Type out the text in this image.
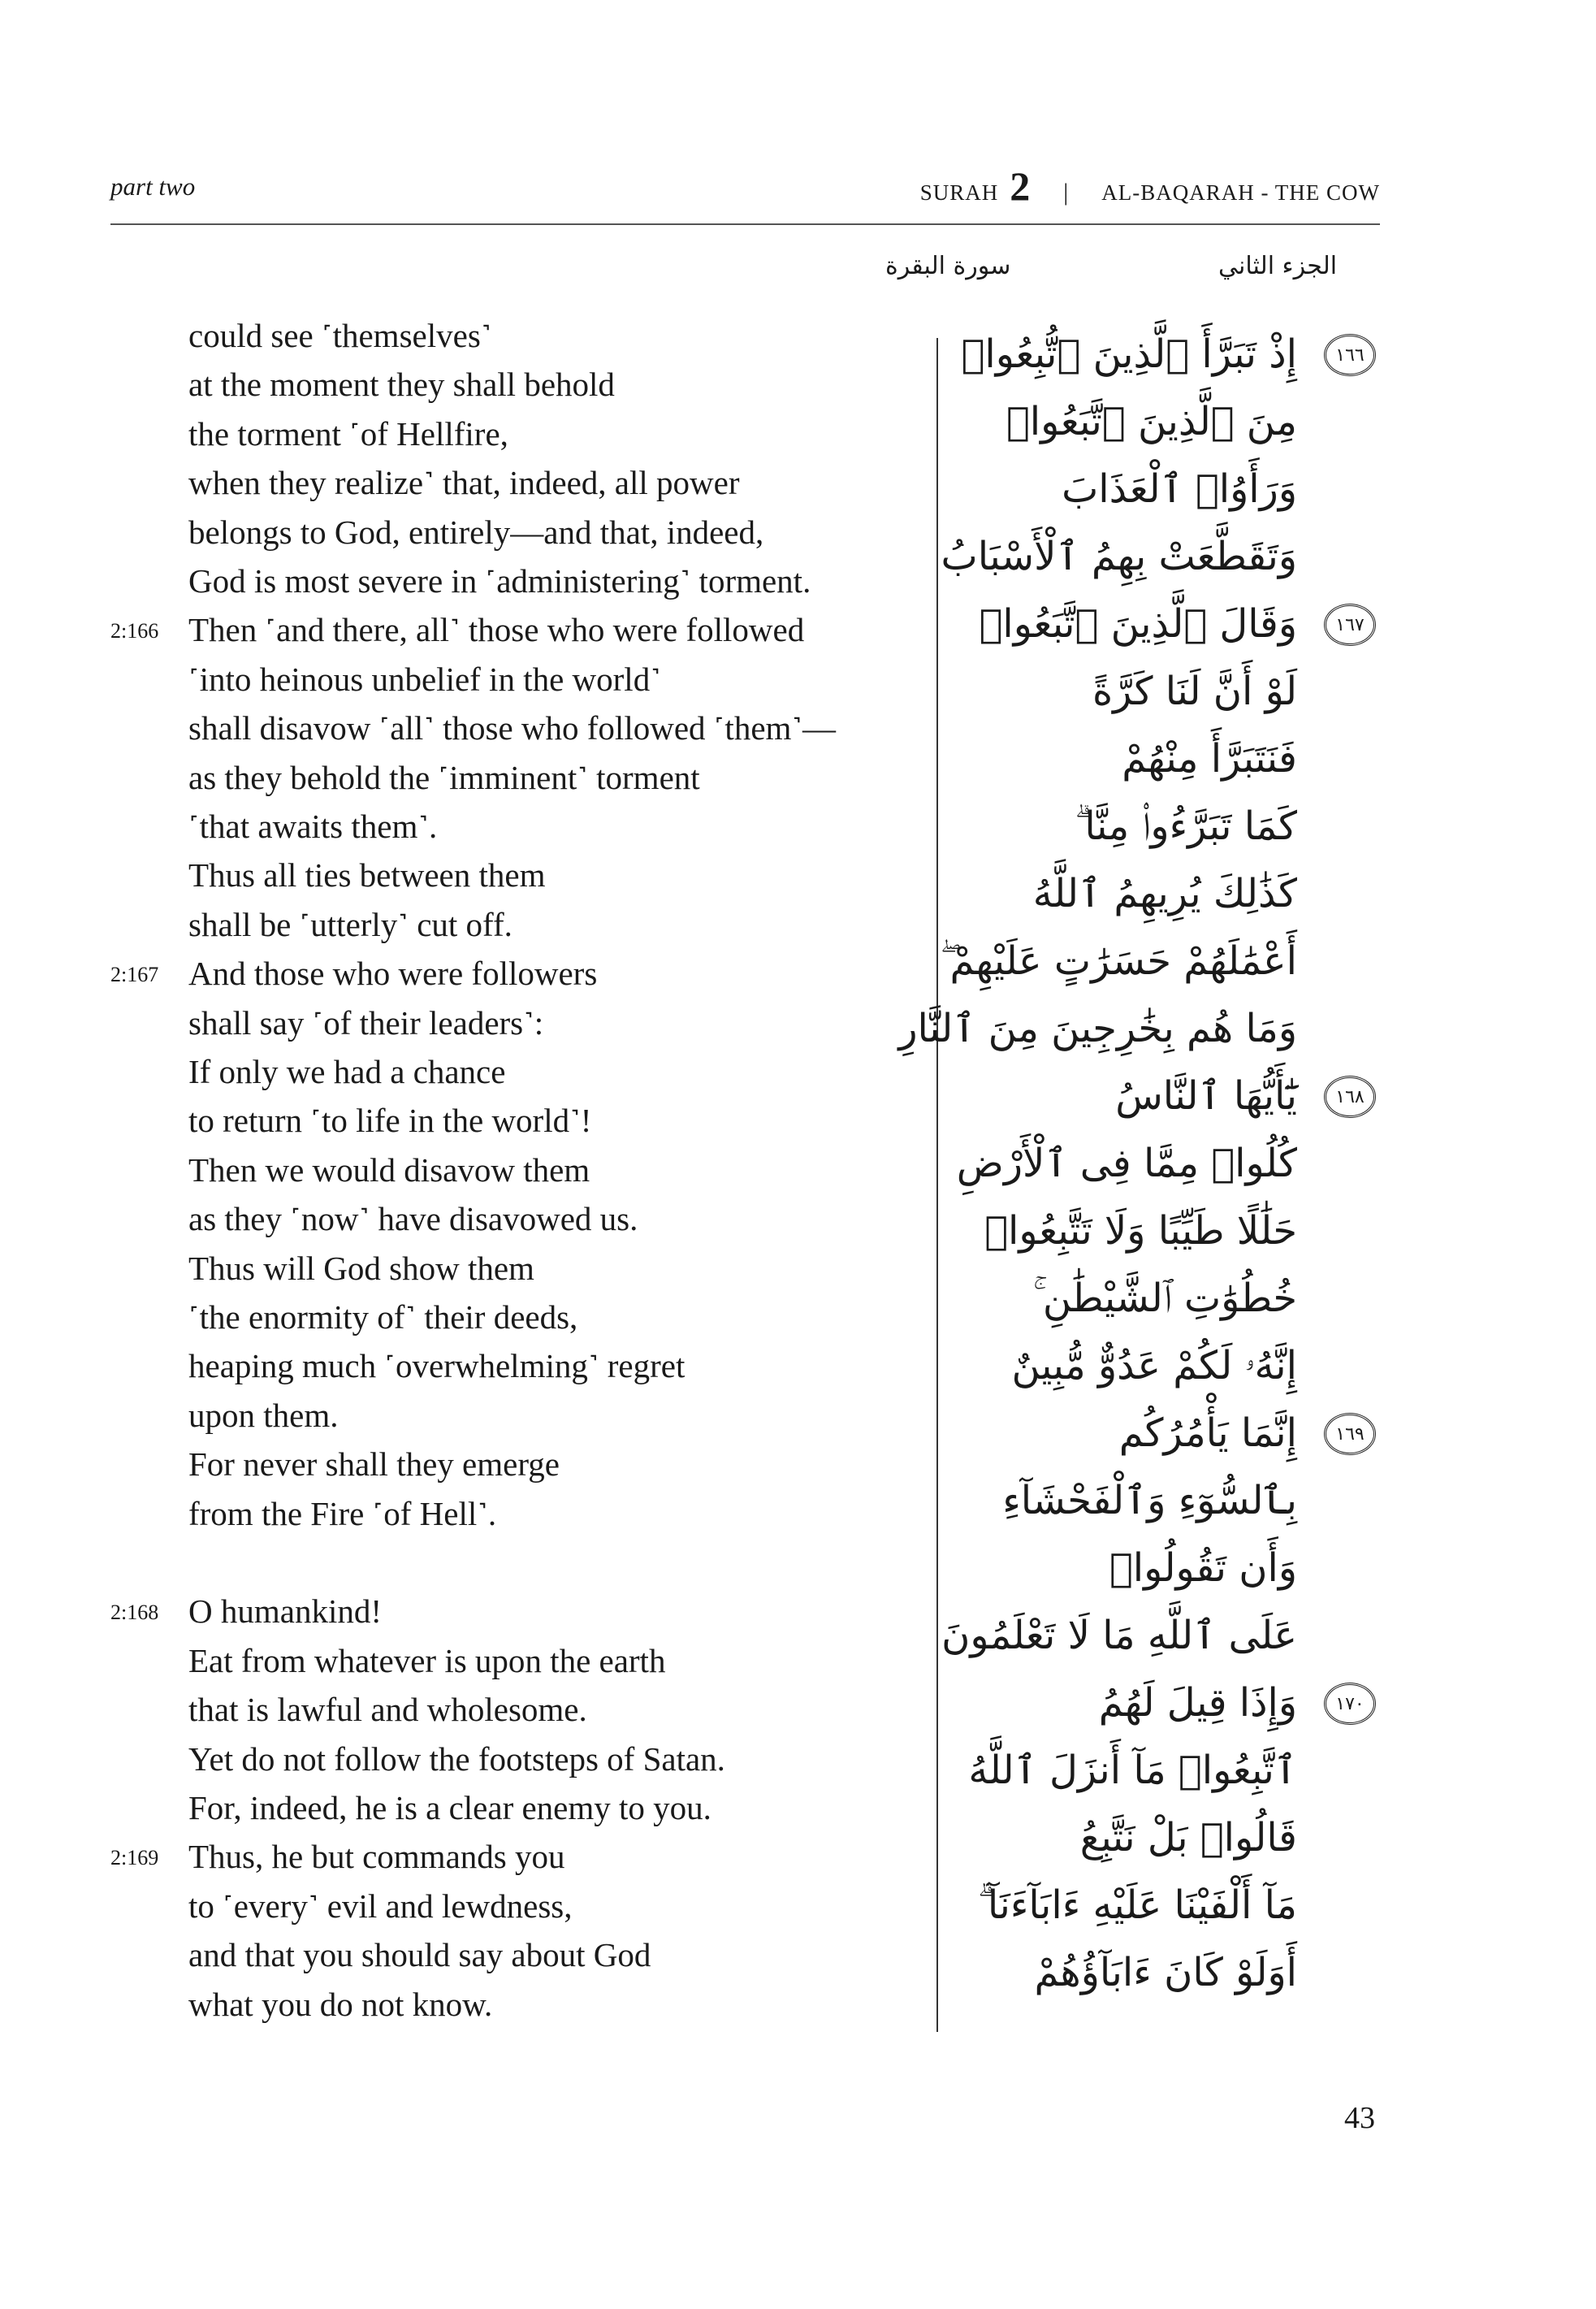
part two	SURAH 2 | AL-BAQARAH - THE COW
سورة البقرة	الجزء الثاني
could see ˹themselves˺
at the moment they shall behold
the torment ˹of Hellfire,
when they realize˺ that, indeed, all power
belongs to God, entirely—and that, indeed,
God is most severe in ˹administering˺ torment.
Then ˹and there, all˺ those who were followed
2:166
˹into heinous unbelief in the world˺
shall disavow ˹all˺ those who followed ˹them˺—
as they behold the ˹imminent˺ torment
˹that awaits them˺.
Thus all ties between them
shall be ˹utterly˺ cut off.
And those who were followers
2:167
shall say ˹of their leaders˺:
If only we had a chance
to return ˹to life in the world˺!
Then we would disavow them
as they ˹now˺ have disavowed us.
Thus will God show them
˹the enormity of˺ their deeds,
heaping much ˹overwhelming˺ regret
upon them.
For never shall they emerge
from the Fire ˹of Hell˺.
O humankind!
2:168
Eat from whatever is upon the earth
that is lawful and wholesome.
Yet do not follow the footsteps of Satan.
For, indeed, he is a clear enemy to you.
Thus, he but commands you
2:169
to ˹every˺ evil and lewdness,
and that you should say about God
what you do not know.
إِذْ تَبَرَّأَ ٱلَّذِينَ ٱتُّبِعُوا۟	١٦٦
مِنَ ٱلَّذِينَ ٱتَّبَعُوا۟
وَرَأَوُا۟ ٱلْعَذَابَ
وَتَقَطَّعَتْ بِهِمُ ٱلْأَسْبَابُ
وَقَالَ ٱلَّذِينَ ٱتَّبَعُوا۟	١٦٧
لَوْ أَنَّ لَنَا كَرَّةً
فَنَتَبَرَّأَ مِنْهُمْ
كَمَا تَبَرَّءُوا۟ مِنَّا ۗ
كَذَٰلِكَ يُرِيهِمُ ٱللَّهُ
أَعْمَٰلَهُمْ حَسَرَٰتٍ عَلَيْهِمْ ۖ
وَمَا هُم بِخَٰرِجِينَ مِنَ ٱلنَّارِ
يَٰٓأَيُّهَا ٱلنَّاسُ	١٦٨
كُلُوا۟ مِمَّا فِى ٱلْأَرْضِ
حَلَٰلًا طَيِّبًا وَلَا تَتَّبِعُوا۟
خُطُوَٰتِ ٱلشَّيْطَٰنِ ۚ
إِنَّهُۥ لَكُمْ عَدُوٌّ مُّبِينٌ
إِنَّمَا يَأْمُرُكُم	١٦٩
بِٱلسُّوٓءِ وَٱلْفَحْشَآءِ
وَأَن تَقُولُوا۟
عَلَى ٱللَّهِ مَا لَا تَعْلَمُونَ
وَإِذَا قِيلَ لَهُمُ	١٧٠
ٱتَّبِعُوا۟ مَآ أَنزَلَ ٱللَّهُ
قَالُوا۟ بَلْ نَتَّبِعُ
مَآ أَلْفَيْنَا عَلَيْهِ ءَابَآءَنَآ ۗ
أَوَلَوْ كَانَ ءَابَآؤُهُمْ
43
